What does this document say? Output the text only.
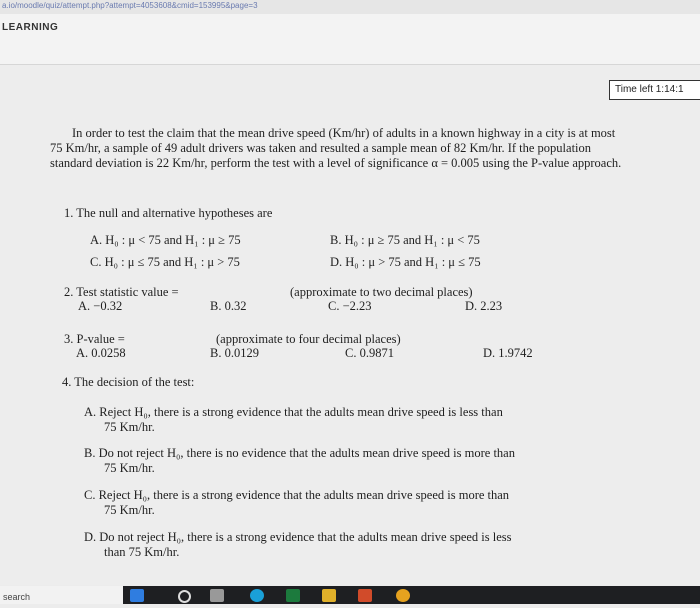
a.io/moodle/quiz/attempt.php?attempt=4053608&cmid=153995&page=3
LEARNING
Time left 1:14:1

In order to test the claim that the mean drive speed (Km/hr) of adults in a known highway in a city is at most 75 Km/hr, a sample of 49 adult drivers was taken and resulted a sample mean of 82 Km/hr. If the population standard deviation is 22 Km/hr, perform the test with a level of significance α = 0.005 using the P-value approach.

1. The null and alternative hypotheses are
A. H₀ : μ < 75 and H₁ : μ ≥ 75	B. H₀ : μ ≥ 75 and H₁ : μ < 75
C. H₀ : μ ≤ 75 and H₁ : μ > 75	D. H₀ : μ > 75 and H₁ : μ ≤ 75
2. Test statistic value =	(approximate to two decimal places)
A. −0.32	B. 0.32	C. −2.23	D. 2.23
3. P-value =	(approximate to four decimal places)
A. 0.0258	B. 0.0129	C. 0.9871	D. 1.9742
4. The decision of the test:
A. Reject H₀, there is a strong evidence that the adults mean drive speed is less than
75 Km/hr.
B. Do not reject H₀, there is no evidence that the adults mean drive speed is more than
75 Km/hr.
C. Reject H₀, there is a strong evidence that the adults mean drive speed is more than
75 Km/hr.
D. Do not reject H₀, there is a strong evidence that the adults mean drive speed is less
than 75 Km/hr.
search
